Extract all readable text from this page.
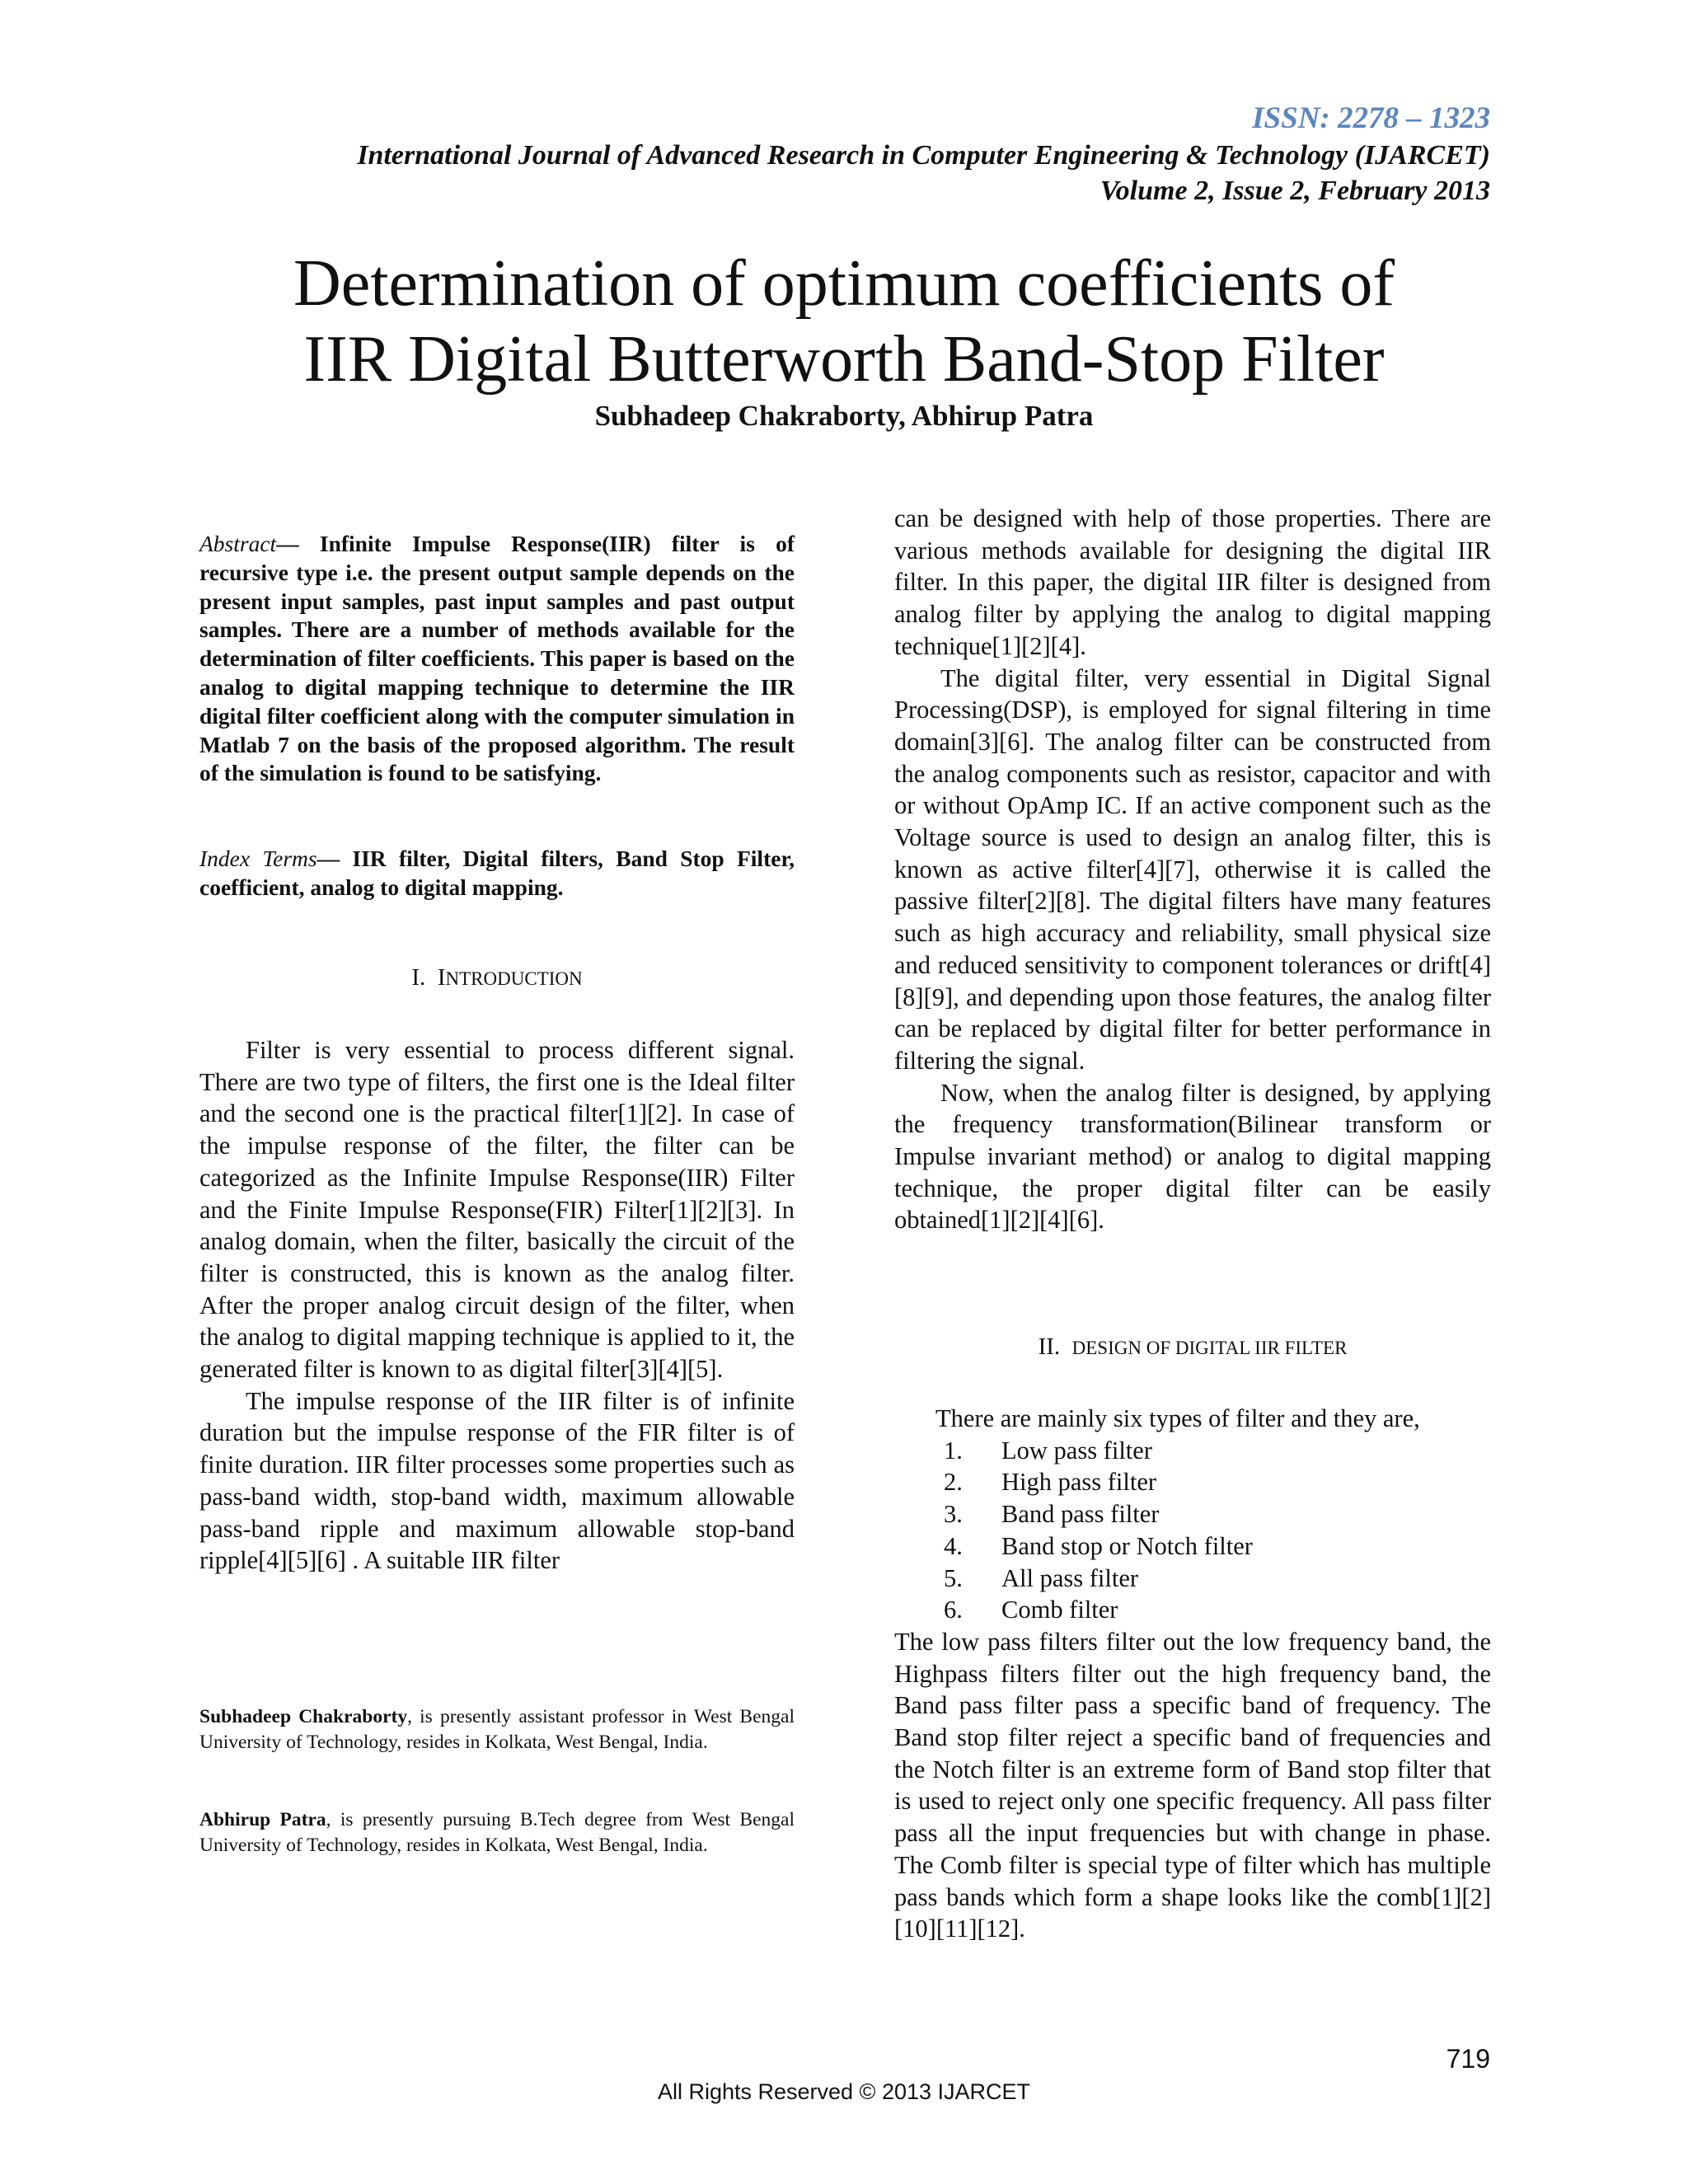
ISSN: 2278 – 1323
International Journal of Advanced Research in Computer Engineering & Technology (IJARCET)
Volume 2, Issue 2, February 2013
Determination of optimum coefficients of
IIR Digital Butterworth Band-Stop Filter
Subhadeep Chakraborty, Abhirup Patra
Abstract— Infinite Impulse Response(IIR) filter is of recursive type i.e. the present output sample depends on the present input samples, past input samples and past output samples. There are a number of methods available for the determination of filter coefficients. This paper is based on the analog to digital mapping technique to determine the IIR digital filter coefficient along with the computer simulation in Matlab 7 on the basis of the proposed algorithm. The result of the simulation is found to be satisfying.
Index Terms— IIR filter, Digital filters, Band Stop Filter, coefficient, analog to digital mapping.
I. INTRODUCTION

Filter is very essential to process different signal. There are two type of filters, the first one is the Ideal filter and the second one is the practical filter[1][2]. In case of the impulse response of the filter, the filter can be categorized as the Infinite Impulse Response(IIR) Filter and the Finite Impulse Response(FIR) Filter[1][2][3]. In analog domain, when the filter, basically the circuit of the filter is constructed, this is known as the analog filter. After the proper analog circuit design of the filter, when the analog to digital mapping technique is applied to it, the generated filter is known to as digital filter[3][4][5].

The impulse response of the IIR filter is of infinite duration but the impulse response of the FIR filter is of finite duration. IIR filter processes some properties such as pass-band width, stop-band width, maximum allowable pass-band ripple and maximum allowable stop-band ripple[4][5][6] . A suitable IIR filter

Subhadeep Chakraborty, is presently assistant professor in West Bengal University of Technology, resides in Kolkata, West Bengal, India.

Abhirup Patra, is presently pursuing B.Tech degree from West Bengal University of Technology, resides in Kolkata, West Bengal, India.

can be designed with help of those properties. There are various methods available for designing the digital IIR filter. In this paper, the digital IIR filter is designed from analog filter by applying the analog to digital mapping technique[1][2][4].

The digital filter, very essential in Digital Signal Processing(DSP), is employed for signal filtering in time domain[3][6]. The analog filter can be constructed from the analog components such as resistor, capacitor and with or without OpAmp IC. If an active component such as the Voltage source is used to design an analog filter, this is known as active filter[4][7], otherwise it is called the passive filter[2][8]. The digital filters have many features such as high accuracy and reliability, small physical size and reduced sensitivity to component tolerances or drift[4][8][9], and depending upon those features, the analog filter can be replaced by digital filter for better performance in filtering the signal.

Now, when the analog filter is designed, by applying the frequency transformation(Bilinear transform or Impulse invariant method) or analog to digital mapping technique, the proper digital filter can be easily obtained[1][2][4][6].

II. DESIGN OF DIGITAL IIR FILTER

There are mainly six types of filter and they are,

1. Low pass filter
2. High pass filter
3. Band pass filter
4. Band stop or Notch filter
5. All pass filter
6. Comb filter

The low pass filters filter out the low frequency band, the Highpass filters filter out the high frequency band, the Band pass filter pass a specific band of frequency. The Band stop filter reject a specific band of frequencies and the Notch filter is an extreme form of Band stop filter that is used to reject only one specific frequency. All pass filter pass all the input frequencies but with change in phase. The Comb filter is special type of filter which has multiple pass bands which form a shape looks like the comb[1][2][10][11][12].

719
All Rights Reserved © 2013 IJARCET
